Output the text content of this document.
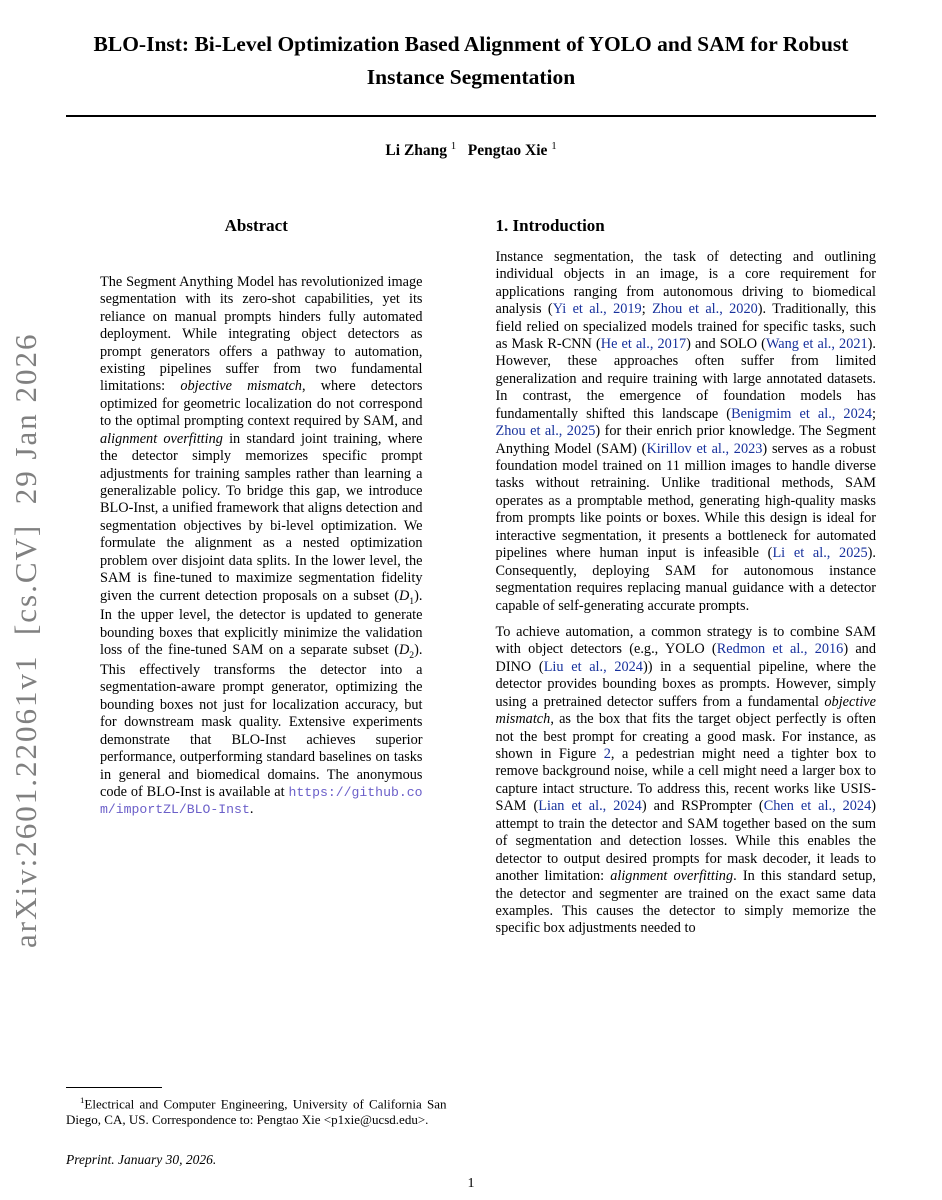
arXiv:2601.22061v1  [cs.CV]  29 Jan 2026
BLO-Inst: Bi-Level Optimization Based Alignment of YOLO and SAM for Robust Instance Segmentation
Li Zhang $^1$   Pengtao Xie $^1$
Abstract

The Segment Anything Model has revolutionized image segmentation with its zero-shot capabilities, yet its reliance on manual prompts hinders fully automated deployment. While integrating object detectors as prompt generators offers a pathway to automation, existing pipelines suffer from two fundamental limitations: objective mismatch, where detectors optimized for geometric localization do not correspond to the optimal prompting context required by SAM, and alignment overfitting in standard joint training, where the detector simply memorizes specific prompt adjustments for training samples rather than learning a generalizable policy. To bridge this gap, we introduce BLO-Inst, a unified framework that aligns detection and segmentation objectives by bi-level optimization. We formulate the alignment as a nested optimization problem over disjoint data splits. In the lower level, the SAM is fine-tuned to maximize segmentation fidelity given the current detection proposals on a subset $(D_1)$. In the upper level, the detector is updated to generate bounding boxes that explicitly minimize the validation loss of the fine-tuned SAM on a separate subset $(D_2)$. This effectively transforms the detector into a segmentation-aware prompt generator, optimizing the bounding boxes not just for localization accuracy, but for downstream mask quality. Extensive experiments demonstrate that BLO-Inst achieves superior performance, outperforming standard baselines on tasks in general and biomedical domains. The anonymous code of BLO-Inst is available at https://github.com/importZL/BLO-Inst.

$^1$Electrical and Computer Engineering, University of California San Diego, CA, US. Correspondence to: Pengtao Xie <p1xie@ucsd.edu>.

Preprint. January 30, 2026.

1. Introduction

Instance segmentation, the task of detecting and outlining individual objects in an image, is a core requirement for applications ranging from autonomous driving to biomedical analysis (Yi et al., 2019; Zhou et al., 2020). Traditionally, this field relied on specialized models trained for specific tasks, such as Mask R-CNN (He et al., 2017) and SOLO (Wang et al., 2021). However, these approaches often suffer from limited generalization and require training with large annotated datasets. In contrast, the emergence of foundation models has fundamentally shifted this landscape (Benigmim et al., 2024; Zhou et al., 2025) for their enrich prior knowledge. The Segment Anything Model (SAM) (Kirillov et al., 2023) serves as a robust foundation model trained on 11 million images to handle diverse tasks without retraining. Unlike traditional methods, SAM operates as a promptable method, generating high-quality masks from prompts like points or boxes. While this design is ideal for interactive segmentation, it presents a bottleneck for automated pipelines where human input is infeasible (Li et al., 2025). Consequently, deploying SAM for autonomous instance segmentation requires replacing manual guidance with a detector capable of self-generating accurate prompts.

To achieve automation, a common strategy is to combine SAM with object detectors (e.g., YOLO (Redmon et al., 2016) and DINO (Liu et al., 2024)) in a sequential pipeline, where the detector provides bounding boxes as prompts. However, simply using a pretrained detector suffers from a fundamental objective mismatch, as the box that fits the target object perfectly is often not the best prompt for creating a good mask. For instance, as shown in Figure 2, a pedestrian might need a tighter box to remove background noise, while a cell might need a larger box to capture intact structure. To address this, recent works like USIS-SAM (Lian et al., 2024) and RSPrompter (Chen et al., 2024) attempt to train the detector and SAM together based on the sum of segmentation and detection losses. While this enables the detector to output desired prompts for mask decoder, it leads to another limitation: alignment overfitting. In this standard setup, the detector and segmenter are trained on the exact same data examples. This causes the detector to simply memorize the specific box adjustments needed to

1
